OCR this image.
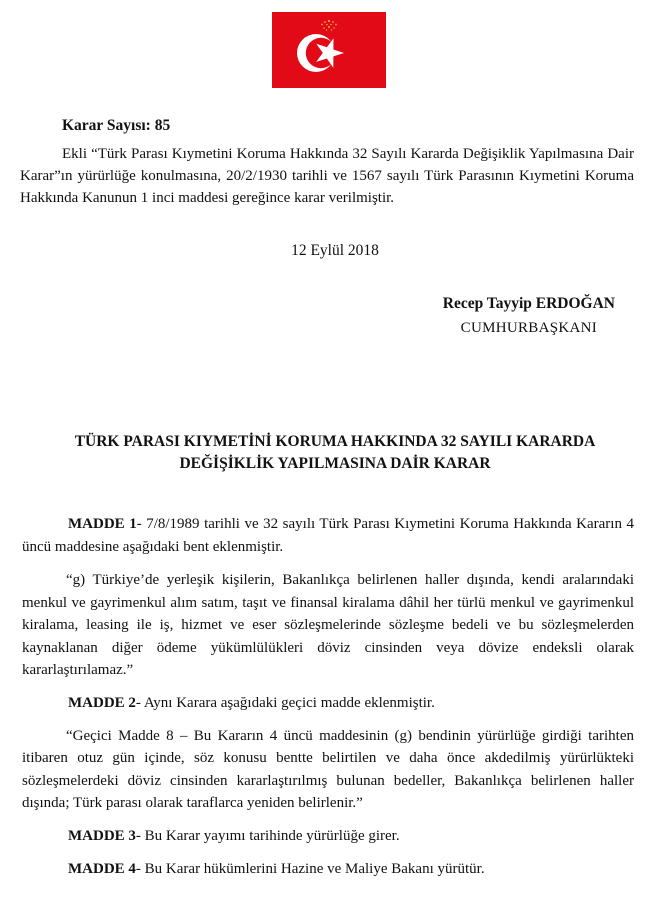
Karar Sayısı: 85

Ekli “Türk Parası Kıymetini Koruma Hakkında 32 Sayılı Kararda Değişiklik Yapılmasına Dair Karar”ın yürürlüğe konulmasına, 20/2/1930 tarihli ve 1567 sayılı Türk Parasının Kıymetini Koruma Hakkında Kanunun 1 inci maddesi gereğince karar verilmiştir.

12 Eylül 2018
Recep Tayyip ERDOĞAN
CUMHURBAŞKANI
TÜRK PARASI KIYMETİNİ KORUMA HAKKINDA 32 SAYILI KARARDA
DEĞİŞİKLİK YAPILMASINA DAİR KARAR

MADDE 1- 7/8/1989 tarihli ve 32 sayılı Türk Parası Kıymetini Koruma Hakkında Kararın 4 üncü maddesine aşağıdaki bent eklenmiştir.

“g) Türkiye’de yerleşik kişilerin, Bakanlıkça belirlenen haller dışında, kendi aralarındaki menkul ve gayrimenkul alım satım, taşıt ve finansal kiralama dâhil her türlü menkul ve gayrimenkul kiralama, leasing ile iş, hizmet ve eser sözleşmelerinde sözleşme bedeli ve bu sözleşmelerden kaynaklanan diğer ödeme yükümlülükleri döviz cinsinden veya dövize endeksli olarak kararlaştırılamaz.”

MADDE 2- Aynı Karara aşağıdaki geçici madde eklenmiştir.

“Geçici Madde 8 – Bu Kararın 4 üncü maddesinin (g) bendinin yürürlüğe girdiği tarihten itibaren otuz gün içinde, söz konusu bentte belirtilen ve daha önce akdedilmiş yürürlükteki sözleşmelerdeki döviz cinsinden kararlaştırılmış bulunan bedeller, Bakanlıkça belirlenen haller dışında; Türk parası olarak taraflarca yeniden belirlenir.”

MADDE 3- Bu Karar yayımı tarihinde yürürlüğe girer.

MADDE 4- Bu Karar hükümlerini Hazine ve Maliye Bakanı yürütür.
